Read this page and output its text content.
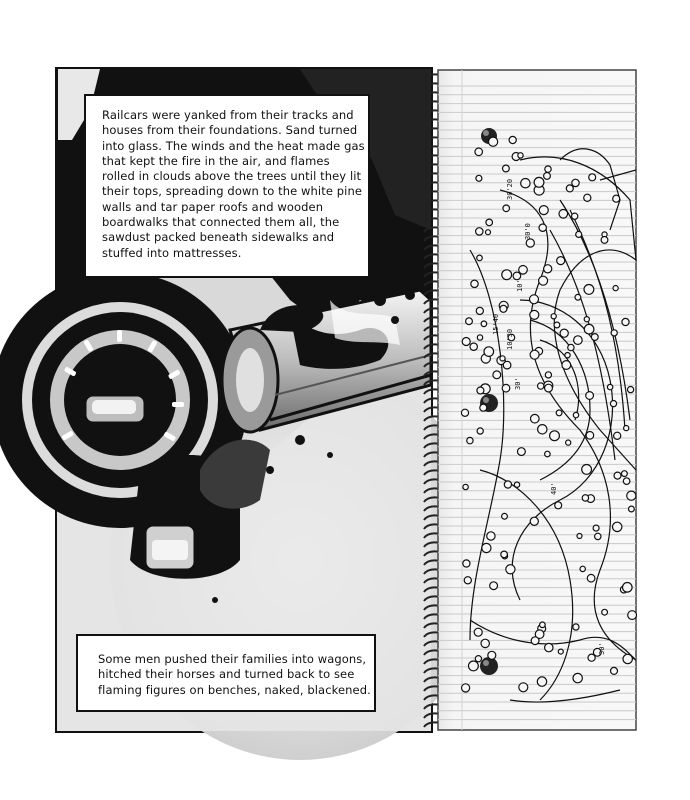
30'20
30'0
10'
15'40
10'30
40'
30'
30'

Railcars were yanked from their tracks and
houses from their foundations. Sand turned
into glass. The winds and the heat made gas
that kept the fire in the air, and flames
rolled in clouds above the trees until they lit
their tops, spreading down to the white pine
walls and tar paper roofs and wooden
boardwalks that connected them all, the
sawdust packed beneath sidewalks and
stuffed into mattresses.

Some men pushed their families into wagons,
hitched their horses and turned back to see
flaming figures on benches, naked, blackened.
